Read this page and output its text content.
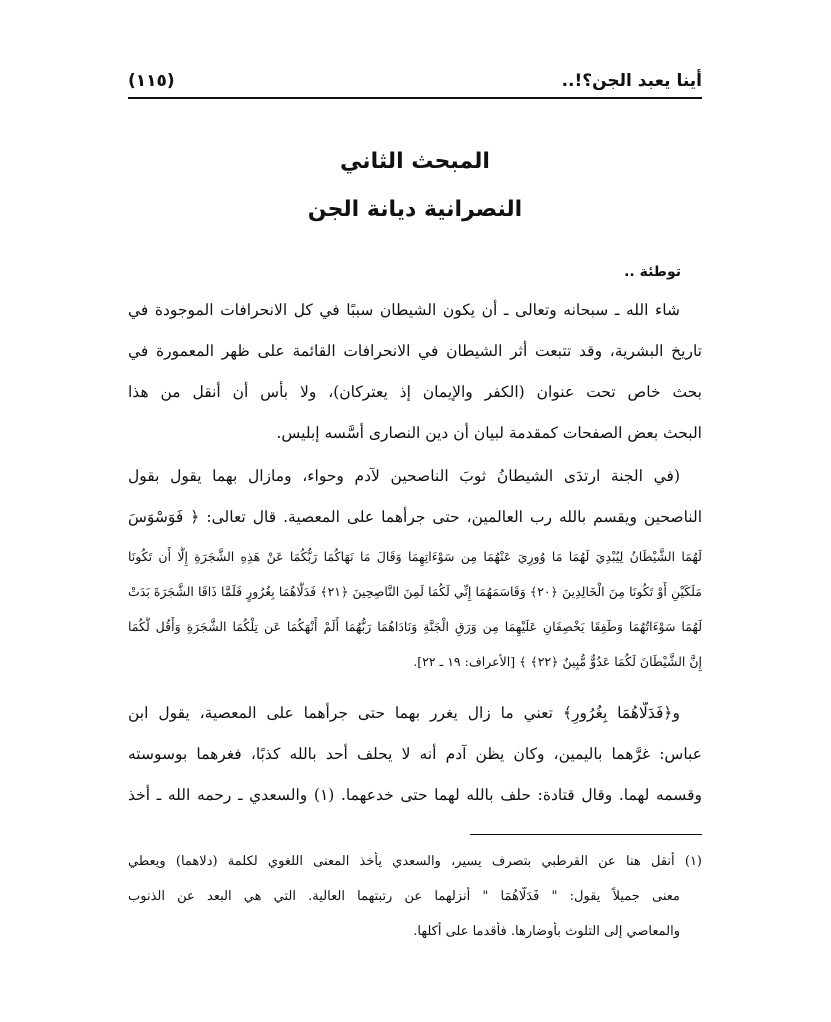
أينا يعبد الجن؟!..
(١١٥)
المبحث الثاني
النصرانية ديانة الجن
توطئة ..
شاء الله ـ سبحانه وتعالى ـ أن يكون الشيطان سببًا في كل الانحرافات الموجودة في
تاريخ البشرية، وقد تتبعت أثر الشيطان في الانحرافات القائمة على ظهر المعمورة في
بحث خاص تحت عنوان (الكفر والإيمان إذ يعتركان)، ولا بأس أن أنقل من هذا
البحث بعض الصفحات كمقدمة لبيان أن دين النصارى أَسَّسه إبليس.
(في الجنة ارتدَى الشيطانُ ثوبَ الناصحين لآدم وحواء، ومازال بهما يقول بقول
الناصحين ويقسم بالله رب العالمين، حتى جرأهما على المعصية. قال تعالى: ﴿ فَوَسْوَسَ
لَهُمَا الشَّيْطَانُ لِيُبْدِيَ لَهُمَا مَا وُورِيَ عَنْهُمَا مِن سَوْءَاتِهِمَا وَقَالَ مَا نَهَاكُمَا رَبُّكُمَا عَنْ هَذِهِ الشَّجَرَةِ إِلَّا أَن تَكُونَا
مَلَكَيْنِ أَوْ تَكُونَا مِنَ الْخَالِدِينَ ﴿٢٠﴾ وَقَاسَمَهُمَا إِنِّي لَكُمَا لَمِنَ النَّاصِحِينَ ﴿٢١﴾ فَدَلَّاهُمَا بِغُرُورٍ فَلَمَّا ذَاقَا الشَّجَرَةَ بَدَتْ
لَهُمَا سَوْءَاتُهُمَا وَطَفِقَا يَخْصِفَانِ عَلَيْهِمَا مِن وَرَقِ الْجَنَّةِ وَنَادَاهُمَا رَبُّهُمَا أَلَمْ أَنْهَكُمَا عَن تِلْكُمَا الشَّجَرَةِ وَأَقُل لَّكُمَا
إِنَّ الشَّيْطَانَ لَكُمَا عَدُوٌّ مُّبِينٌ ﴿٢٢﴾ ﴾ [الأعراف: ١٩ ـ ٢٢].
و﴿فَدَلَّاهُمَا بِغُرُورٍ﴾ تعني ما زال يغرر بهما حتى جرأهما على المعصية، يقول ابن
عباس: غرَّهما باليمين، وكان يظن آدم أنه لا يحلف أحد بالله كذبًا، فغرهما بوسوسته
وقسمه لهما. وقال قتادة: حلف بالله لهما حتى خدعهما. (١) والسعدي ـ رحمه الله ـ أخذ
(١) أنقل هنا عن القرطبي بتصرف يسير، والسعدي يأخذ المعنى اللغوي لكلمة (دلاهما) ويعطي
معنى جميلاً يقول: " فَدَلَّاهُمَا " أنزلهما عن رتبتهما العالية. التي هي البعد عن الذنوب
والمعاصي إلى التلوث بأوضارها. فأقدما على أكلها.
